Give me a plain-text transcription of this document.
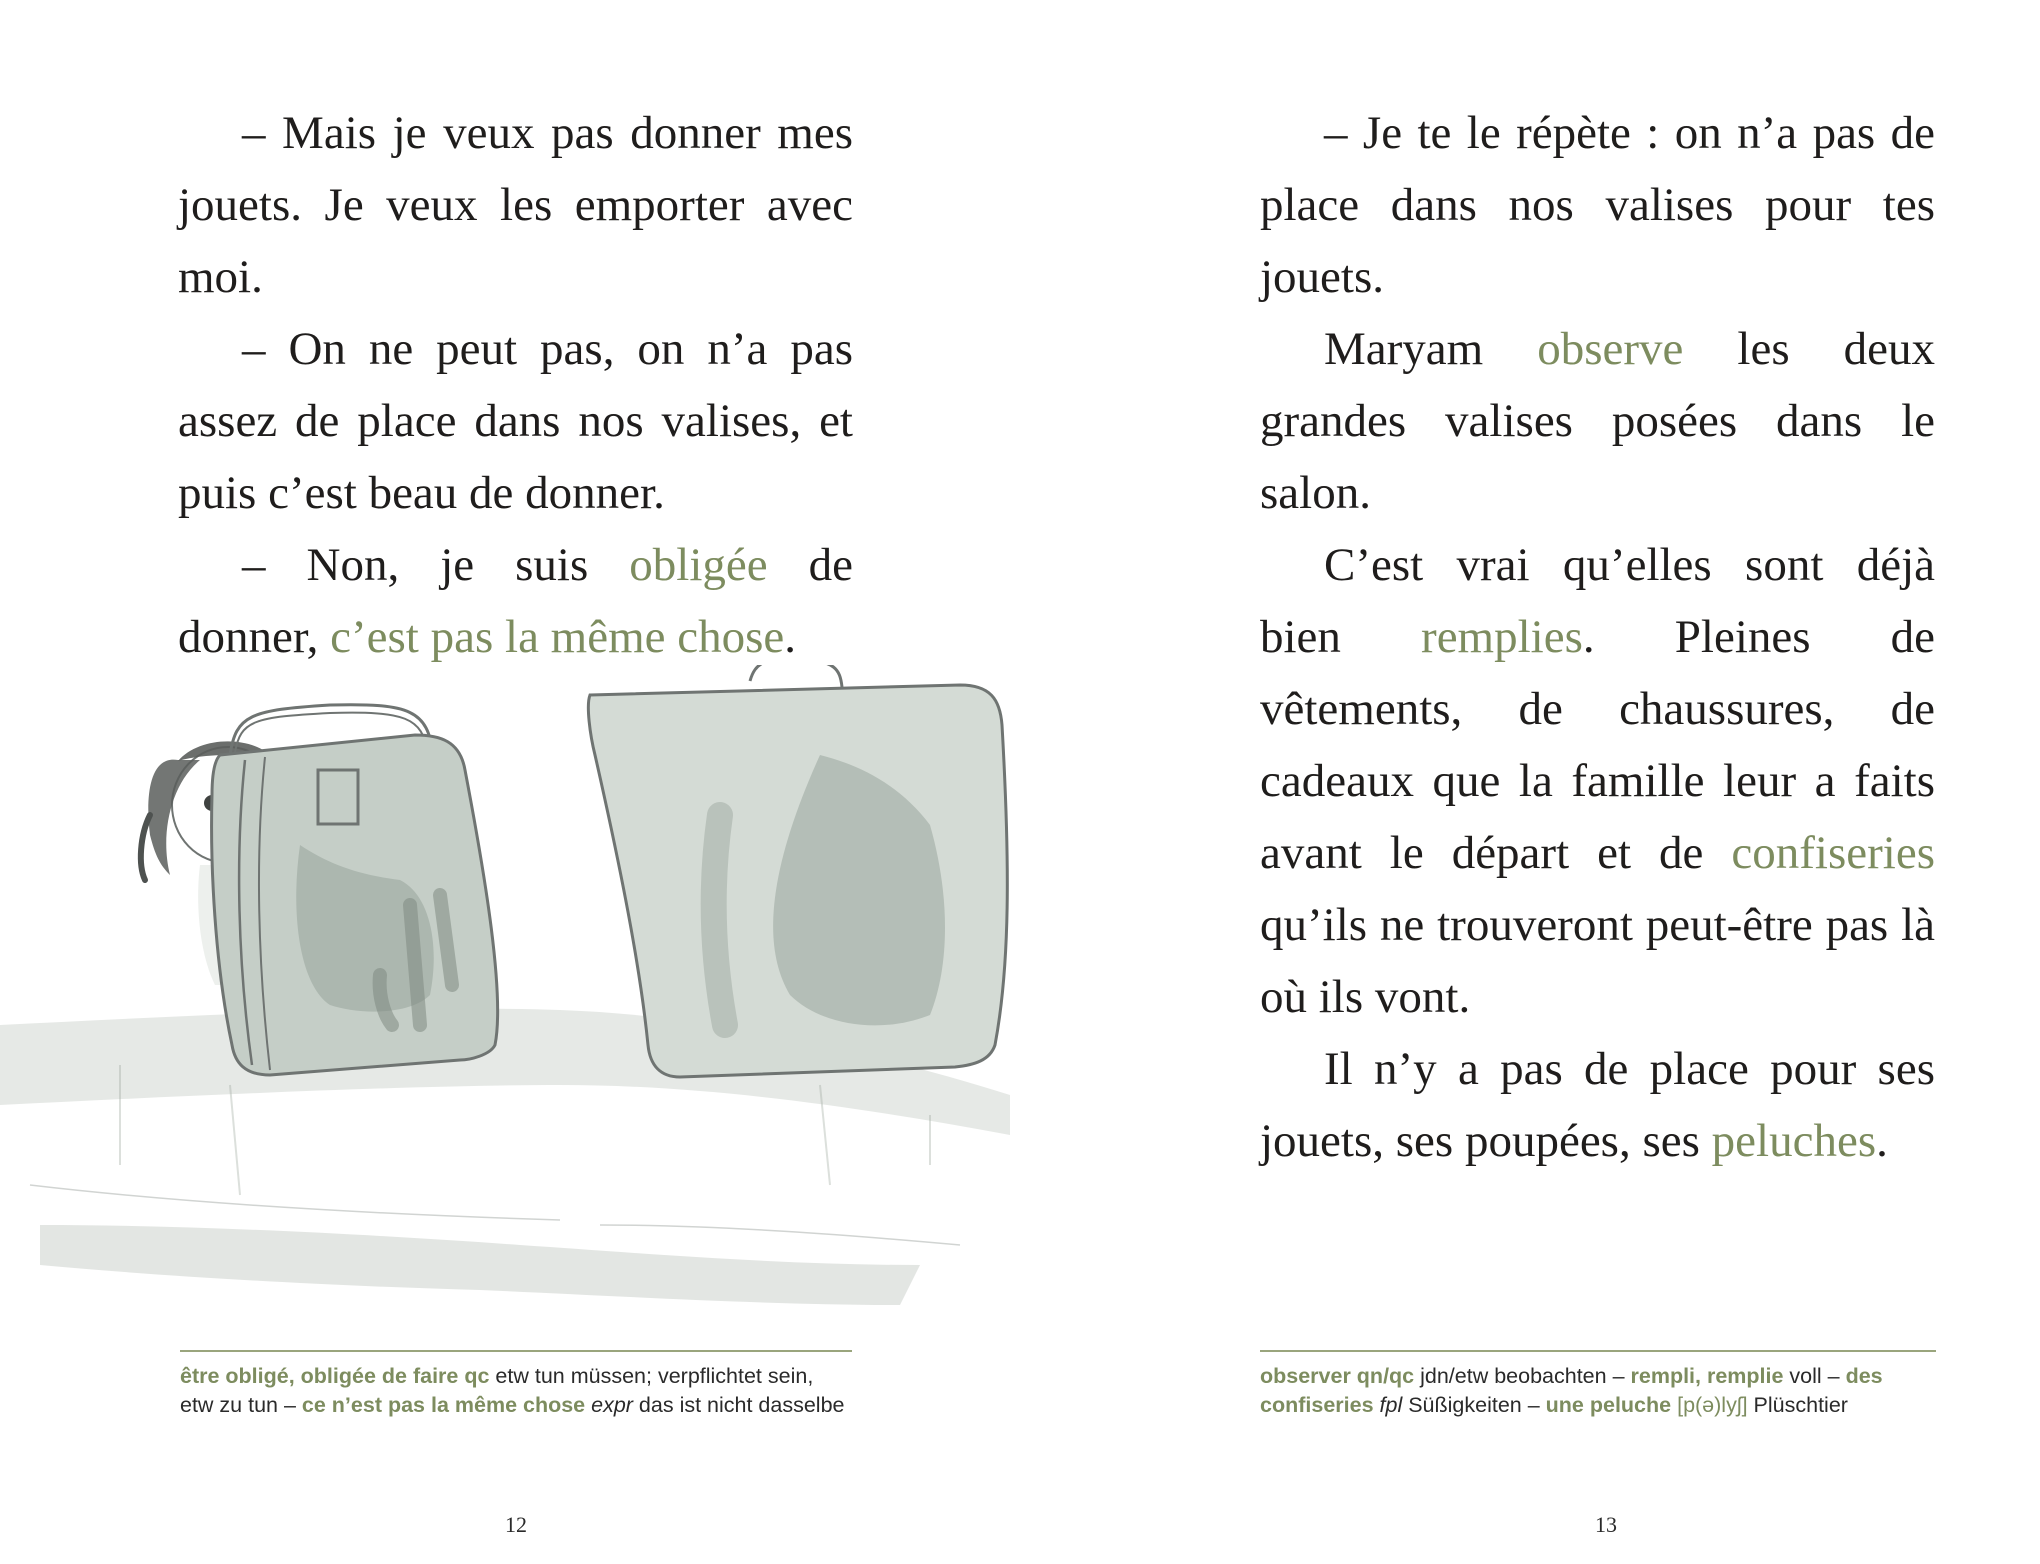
– Mais je veux pas donner mes jouets. Je veux les emporter avec moi.

– On ne peut pas, on n’a pas assez de place dans nos valises, et puis c’est beau de donner.

– Non, je suis obligée de donner, c’est pas la même chose.

être obligé, obligée de faire qc etw tun müssen; verpflichtet sein, etw zu tun – ce n’est pas la même chose expr das ist nicht dasselbe
12

– Je te le répète : on n’a pas de place dans nos valises pour tes jouets.

Maryam observe les deux grandes valises posées dans le salon.

C’est vrai qu’elles sont déjà bien remplies. Pleines de vêtements, de chaussures, de cadeaux que la famille leur a faits avant le départ et de confiseries qu’ils ne trouveront peut-être pas là où ils vont.

Il n’y a pas de place pour ses jouets, ses poupées, ses peluches.

observer qn/qc jdn/etw beobachten – rempli, remplie voll – des confiseries fpl Süßigkeiten – une peluche [p(ə)lyʃ] Plüschtier
13
